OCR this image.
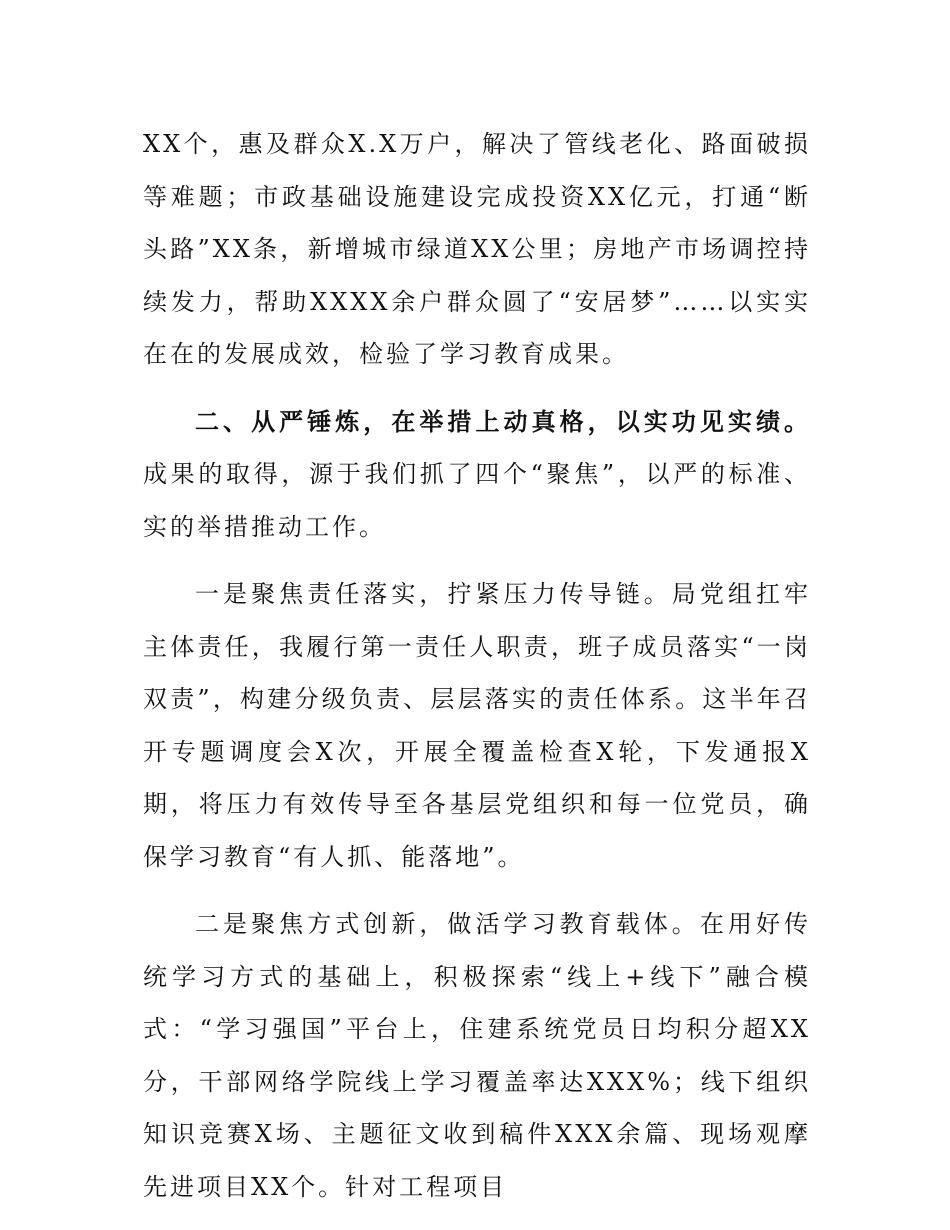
XX个，惠及群众X.X万户，解决了管线老化、路面破损等难题；市政基础设施建设完成投资XX亿元，打通“断头路”XX条，新增城市绿道XX公里；房地产市场调控持续发力，帮助XXXX余户群众圆了“安居梦”……以实实在在的发展成效，检验了学习教育成果。

二、从严锤炼，在举措上动真格，以实功见实绩。成果的取得，源于我们抓了四个“聚焦”，以严的标准、实的举措推动工作。

一是聚焦责任落实，拧紧压力传导链。局党组扛牢主体责任，我履行第一责任人职责，班子成员落实“一岗双责”，构建分级负责、层层落实的责任体系。这半年召开专题调度会X次，开展全覆盖检查X轮，下发通报X期，将压力有效传导至各基层党组织和每一位党员，确保学习教育“有人抓、能落地”。

二是聚焦方式创新，做活学习教育载体。在用好传统学习方式的基础上，积极探索“线上+线下”融合模式：“学习强国”平台上，住建系统党员日均积分超XX分，干部网络学院线上学习覆盖率达XXX%；线下组织知识竞赛X场、主题征文收到稿件XXX余篇、现场观摩先进项目XX个。针对工程项目
